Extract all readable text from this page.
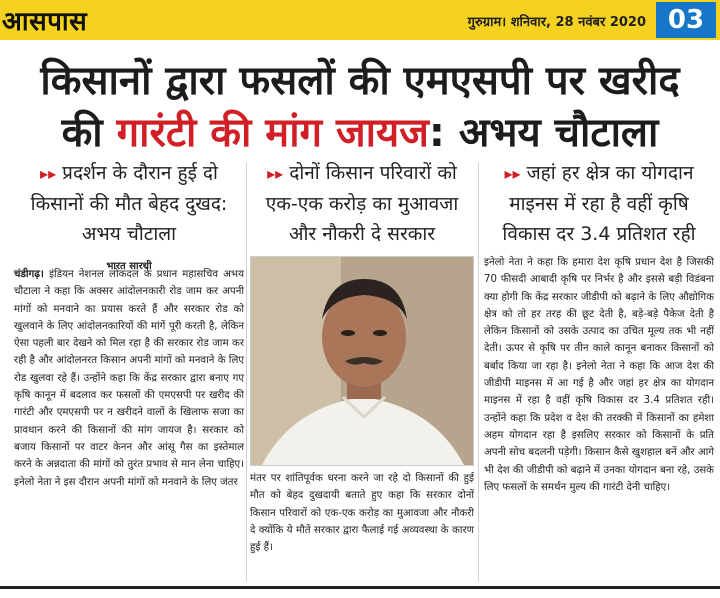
आसपास	गुरुग्राम। शनिवार, 28 नवंबर 2020 03
किसानों द्वारा फसलों की एमएसपी पर खरीद
की गारंटी की मांग जायज: अभय चौटाला
▸▸ प्रदर्शन के दौरान हुई दो किसानों की मौत बेहद दुखद: अभय चौटाला
भारत सारथी
चंडीगढ़। इंडियन नेशनल लोकदल के प्रधान महासचिव अभय चौटाला ने कहा कि अक्सर आंदोलनकारी रोड जाम कर अपनी मांगों को मनवाने का प्रयास करते हैं और सरकार रोड को खुलवाने के लिए आंदोलनकारियों की मांगें पूरी करती है, लेकिन ऐसा पहली बार देखने को मिल रहा है की सरकार रोड जाम कर रही है और आंदोलनरत किसान अपनी मांगों को मनवाने के लिए रोड खुलवा रहे हैं। उन्होंने कहा कि केंद्र सरकार द्वारा बनाए गए कृषि कानून में बदलाव कर फसलों की एमएसपी पर खरीद की गारंटी और एमएसपी पर न खरीदने वालों के खिलाफ सजा का प्रावधान करने की किसानों की मांग जायज है। सरकार को बजाय किसानों पर वाटर केनन और आंसू गैस का इस्तेमाल करने के अन्नदाता की मांगों को तुरंत प्रभाव से मान लेना चाहिए। इनेलो नेता ने इस दौरान अपनी मांगों को मनवाने के लिए जंतर
▸▸ दोनों किसान परिवारों को एक-एक करोड़ का मुआवजा और नौकरी दे सरकार
मंतर पर शांतिपूर्वक धरना करने जा रहे दो किसानों की हुई मौत को बेहद दुखदायी बताते हुए कहा कि सरकार दोनों किसान परिवारों को एक-एक करोड़ का मुआवजा और नौकरी दे क्योंकि ये मौतें सरकार द्वारा फैलाई गई अव्यवस्था के कारण हुई हैं।
▸▸ जहां हर क्षेत्र का योगदान माइनस में रहा है वहीं कृषि विकास दर 3.4 प्रतिशत रही
इनेलो नेता ने कहा कि हमारा देश कृषि प्रधान देश है जिसकी 70 फीसदी आबादी कृषि पर निर्भर है और इससे बड़ी विडंबना क्या होगी कि केंद्र सरकार जीडीपी को बढ़ाने के लिए औद्योगिक क्षेत्र को तो हर तरह की छूट देती है, बड़े-बड़े पैकेज देती है लेकिन किसानों को उसके उत्पाद का उचित मूल्य तक भी नहीं देती। ऊपर से कृषि पर तीन काले कानून बनाकर किसानों को बर्बाद किया जा रहा है। इनेलो नेता ने कहा कि आज देश की जीडीपी माइनस में आ गई है और जहां हर क्षेत्र का योगदान माइनस में रहा है वहीं कृषि विकास दर 3.4 प्रतिशत रही। उन्होंने कहा कि प्रदेश व देश की तरक्की में किसानों का हमेशा अहम योगदान रहा है इसलिए सरकार को किसानों के प्रति अपनी सोच बदलनी पड़ेगी। किसान कैसे खुशहाल बनें और आगे भी देश की जीडीपी को बढ़ाने में उनका योगदान बना रहे, उसके लिए फसलों के समर्थन मुल्य की गारंटी देनी चाहिए।
